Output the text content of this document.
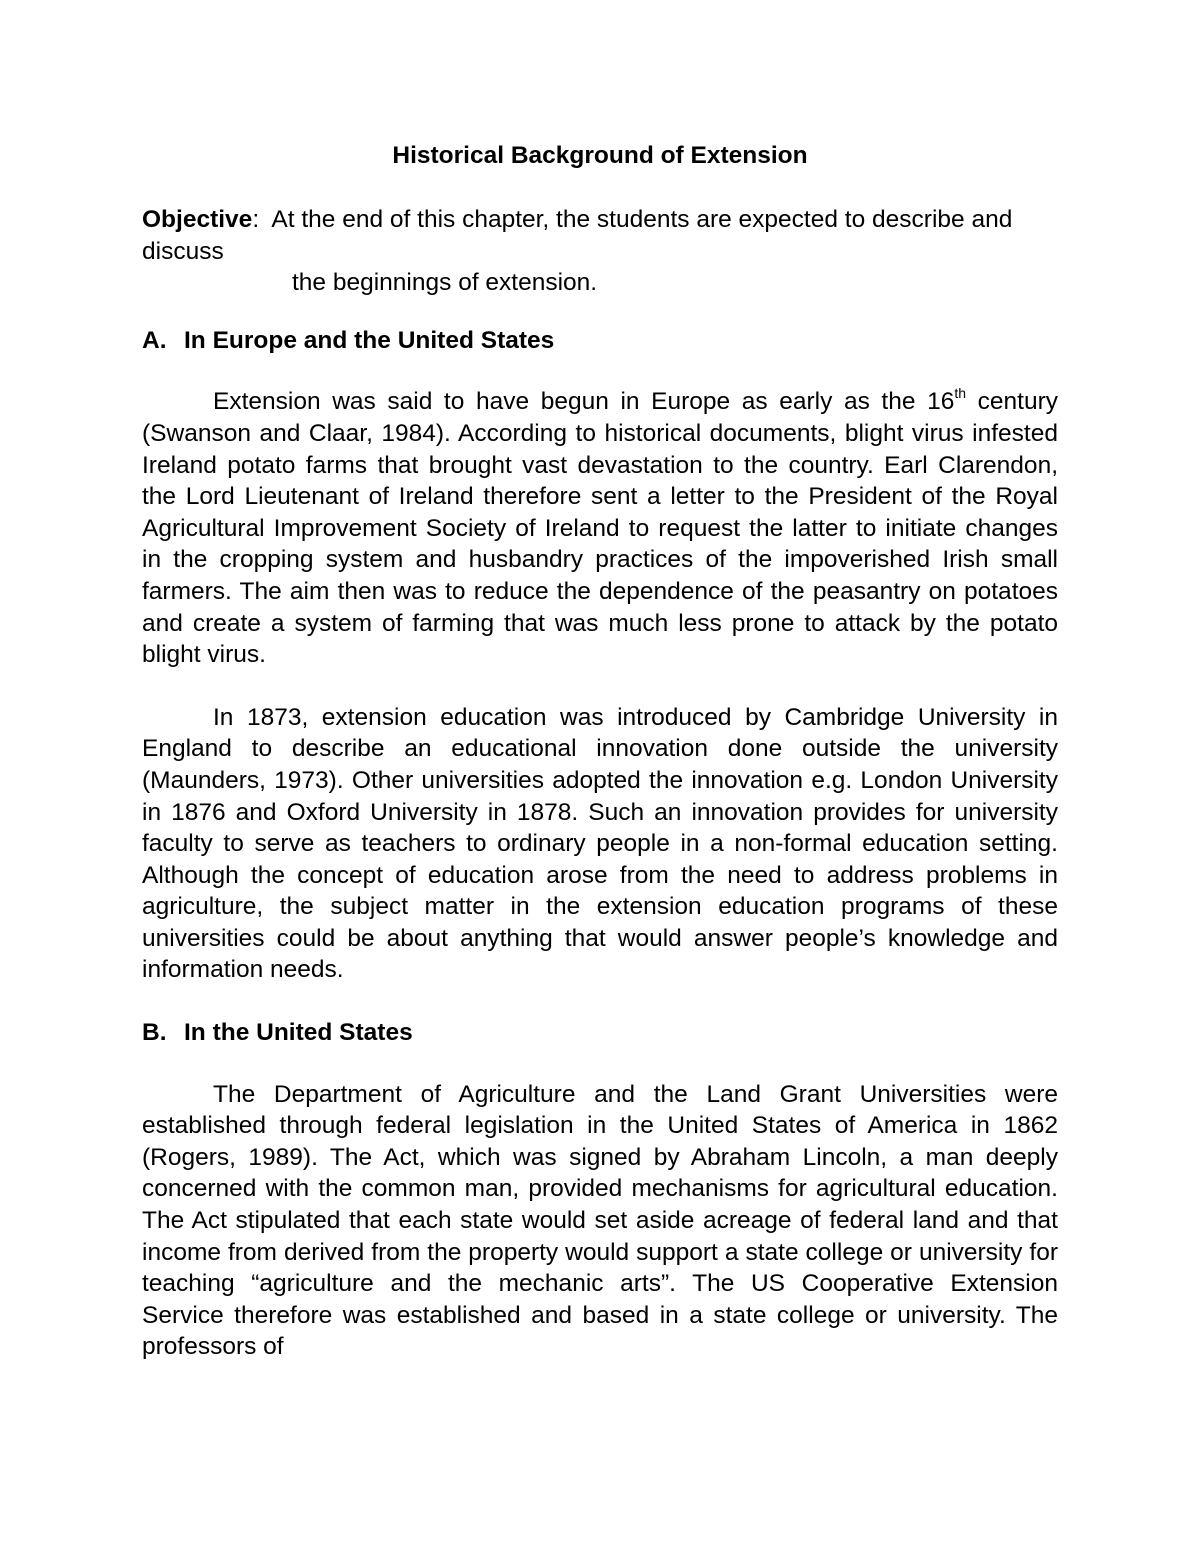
Historical Background of Extension

Objective: At the end of this chapter, the students are expected to describe and discuss
the beginnings of extension.

A. In Europe and the United States

Extension was said to have begun in Europe as early as the 16th century (Swanson and Claar, 1984). According to historical documents, blight virus infested Ireland potato farms that brought vast devastation to the country. Earl Clarendon, the Lord Lieutenant of Ireland therefore sent a letter to the President of the Royal Agricultural Improvement Society of Ireland to request the latter to initiate changes in the cropping system and husbandry practices of the impoverished Irish small farmers. The aim then was to reduce the dependence of the peasantry on potatoes and create a system of farming that was much less prone to attack by the potato blight virus.

In 1873, extension education was introduced by Cambridge University in England to describe an educational innovation done outside the university (Maunders, 1973). Other universities adopted the innovation e.g. London University in 1876 and Oxford University in 1878. Such an innovation provides for university faculty to serve as teachers to ordinary people in a non-formal education setting. Although the concept of education arose from the need to address problems in agriculture, the subject matter in the extension education programs of these universities could be about anything that would answer people’s knowledge and information needs.

B. In the United States

The Department of Agriculture and the Land Grant Universities were established through federal legislation in the United States of America in 1862 (Rogers, 1989). The Act, which was signed by Abraham Lincoln, a man deeply concerned with the common man, provided mechanisms for agricultural education. The Act stipulated that each state would set aside acreage of federal land and that income from derived from the property would support a state college or university for teaching “agriculture and the mechanic arts”. The US Cooperative Extension Service therefore was established and based in a state college or university. The professors of
